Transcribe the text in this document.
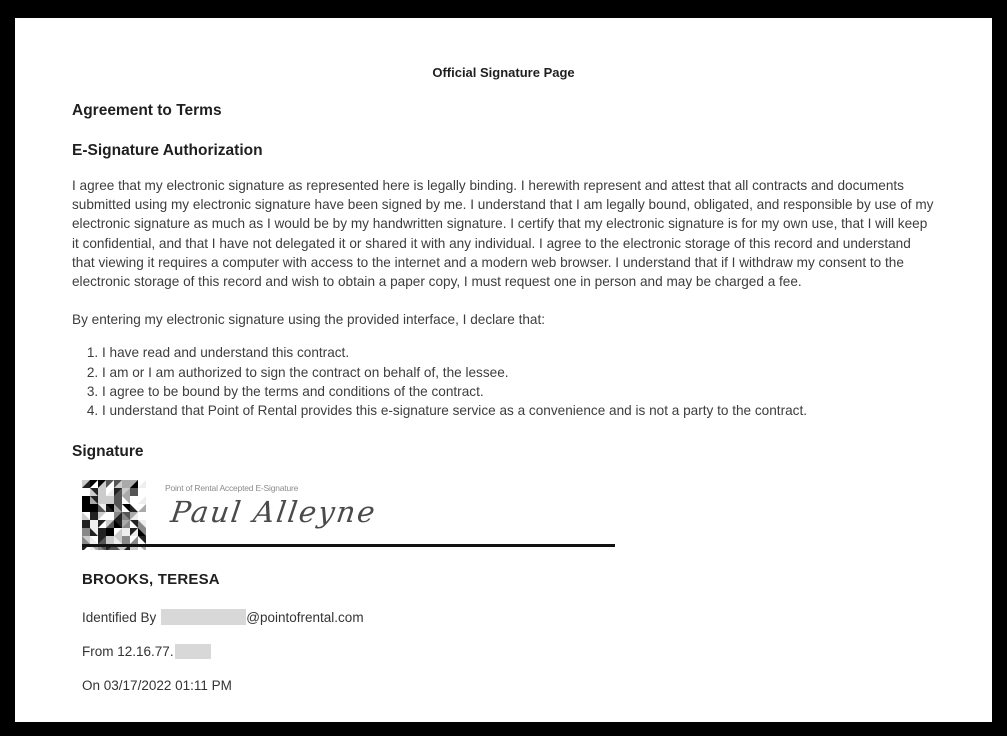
Official Signature Page
Agreement to Terms
E-Signature Authorization

I agree that my electronic signature as represented here is legally binding. I herewith represent and attest that all contracts and documents submitted using my electronic signature have been signed by me. I understand that I am legally bound, obligated, and responsible by use of my electronic signature as much as I would be by my handwritten signature. I certify that my electronic signature is for my own use, that I will keep it confidential, and that I have not delegated it or shared it with any individual. I agree to the electronic storage of this record and understand that viewing it requires a computer with access to the internet and a modern web browser. I understand that if I withdraw my consent to the electronic storage of this record and wish to obtain a paper copy, I must request one in person and may be charged a fee.

By entering my electronic signature using the provided interface, I declare that:

1. I have read and understand this contract.
2. I am or I am authorized to sign the contract on behalf of, the lessee.
3. I agree to be bound by the terms and conditions of the contract.
4. I understand that Point of Rental provides this e-signature service as a convenience and is not a party to the contract.
Signature
Point of Rental Accepted E-Signature
Paul Alleyne
BROOKS, TERESA
Identified By	@pointofrental.com
From 12.16.77.
On 03/17/2022 01:11 PM
